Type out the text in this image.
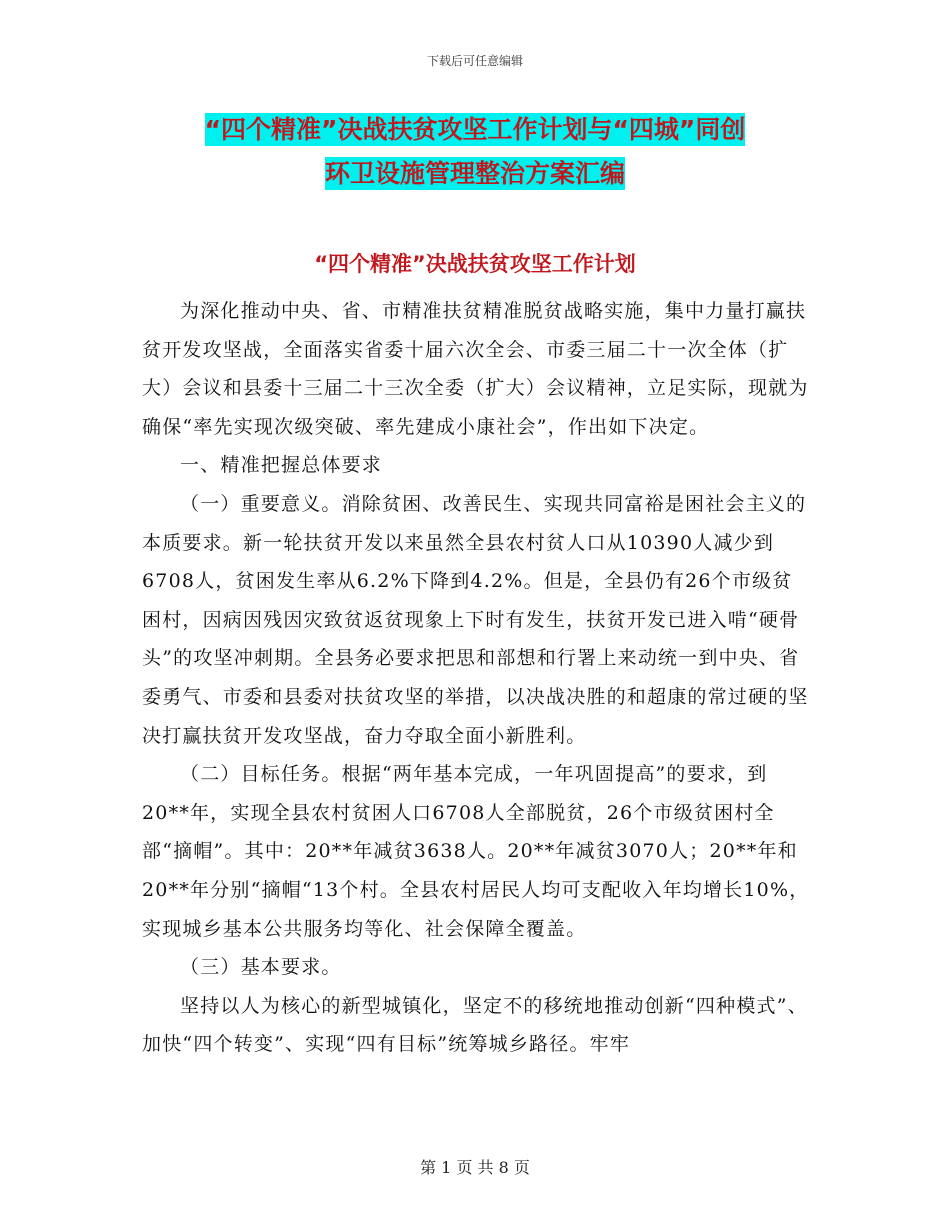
下载后可任意编辑
“四个精准”决战扶贫攻坚工作计划与“四城”同创
环卫设施管理整治方案汇编
“四个精准”决战扶贫攻坚工作计划

为深化推动中央、省、市精准扶贫精准脱贫战略实施，集中力量打赢扶贫开发攻坚战，全面落实省委十届六次全会、市委三届二十一次全体（扩大）会议和县委十三届二十三次全委（扩大）会议精神，立足实际，现就为确保“率先实现次级突破、率先建成小康社会”，作出如下决定。

一、精准把握总体要求

（一）重要意义。消除贫困、改善民生、实现共同富裕是困社会主义的本质要求。新一轮扶贫开发以来虽然全县农村贫人口从10390人减少到6708人，贫困发生率从6.2%下降到4.2%。但是，全县仍有26个市级贫困村，因病因残因灾致贫返贫现象上下时有发生，扶贫开发已进入啃“硬骨头”的攻坚冲刺期。全县务必要求把思和部想和行署上来动统一到中央、省委勇气、市委和县委对扶贫攻坚的举措，以决战决胜的和超康的常过硬的坚决打赢扶贫开发攻坚战，奋力夺取全面小新胜利。

（二）目标任务。根据“两年基本完成，一年巩固提高”的要求，到20**年，实现全县农村贫困人口6708人全部脱贫，26个市级贫困村全部“摘帽”。其中：20**年减贫3638人。20**年减贫3070人；20**年和20**年分别“摘帽“13个村。全县农村居民人均可支配收入年均增长10%，实现城乡基本公共服务均等化、社会保障全覆盖。

（三）基本要求。

坚持以人为核心的新型城镇化，坚定不的移统地推动创新“四种模式”、加快“四个转变”、实现“四有目标”统筹城乡路径。牢牢

第 1 页 共 8 页
